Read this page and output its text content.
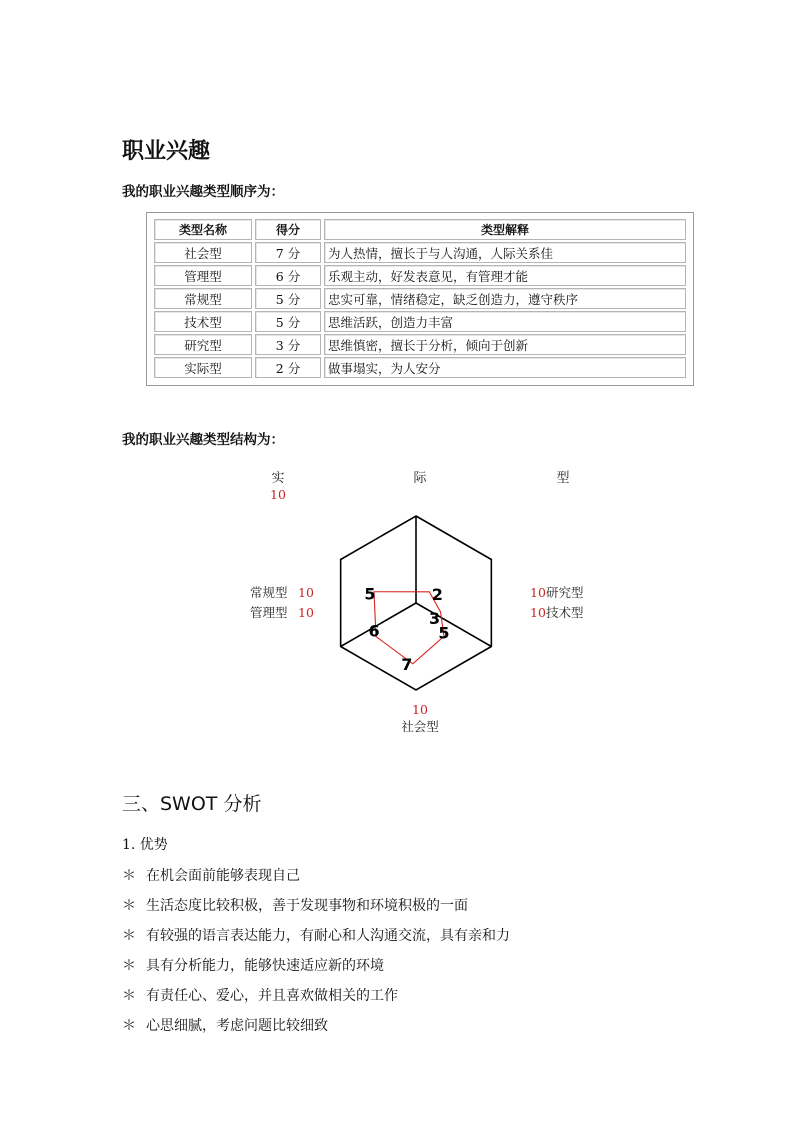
职业兴趣
我的职业兴趣类型顺序为：
类型名称	得分	类型解释
社会型	7 分	为人热情，擅长于与人沟通，人际关系佳
管理型	6 分	乐观主动，好发表意见，有管理才能
常规型	5 分	忠实可靠，情绪稳定，缺乏创造力，遵守秩序
技术型	5 分	思维活跃，创造力丰富
研究型	3 分	思维慎密，擅长于分析，倾向于创新
实际型	2 分	做事塌实，为人安分
我的职业兴趣类型结构为：
2
3
5
7
6
5
实	际	型
10
10 研究型
10 技术型
10
社会型
常规型 10
管理型 10
三、SWOT 分析
1. 优势
＊ 在机会面前能够表现自己
＊ 生活态度比较积极，善于发现事物和环境积极的一面
＊ 有较强的语言表达能力，有耐心和人沟通交流，具有亲和力
＊ 具有分析能力，能够快速适应新的环境
＊ 有责任心、爱心，并且喜欢做相关的工作
＊ 心思细腻，考虑问题比较细致
